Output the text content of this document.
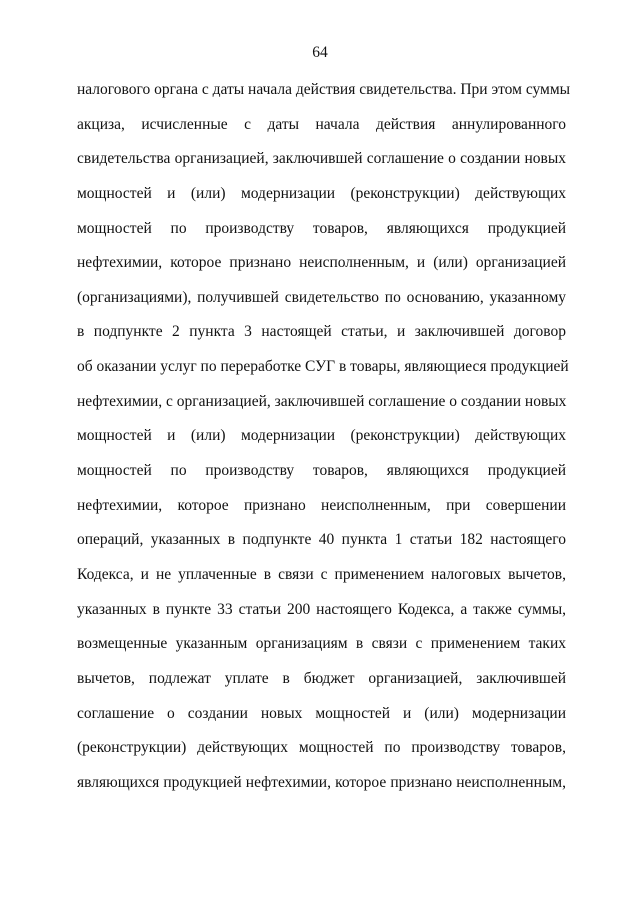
64
налогового органа с даты начала действия свидетельства. При этом суммы
акциза, исчисленные с даты начала действия аннулированного
свидетельства организацией, заключившей соглашение о создании новых
мощностей и (или) модернизации (реконструкции) действующих
мощностей по производству товаров, являющихся продукцией
нефтехимии, которое признано неисполненным, и (или) организацией
(организациями), получившей свидетельство по основанию, указанному
в подпункте 2 пункта 3 настоящей статьи, и заключившей договор
об оказании услуг по переработке СУГ в товары, являющиеся продукцией
нефтехимии, с организацией, заключившей соглашение о создании новых
мощностей и (или) модернизации (реконструкции) действующих
мощностей по производству товаров, являющихся продукцией
нефтехимии, которое признано неисполненным, при совершении
операций, указанных в подпункте 40 пункта 1 статьи 182 настоящего
Кодекса, и не уплаченные в связи с применением налоговых вычетов,
указанных в пункте 33 статьи 200 настоящего Кодекса, а также суммы,
возмещенные указанным организациям в связи с применением таких
вычетов, подлежат уплате в бюджет организацией, заключившей
соглашение о создании новых мощностей и (или) модернизации
(реконструкции) действующих мощностей по производству товаров,
являющихся продукцией нефтехимии, которое признано неисполненным,
